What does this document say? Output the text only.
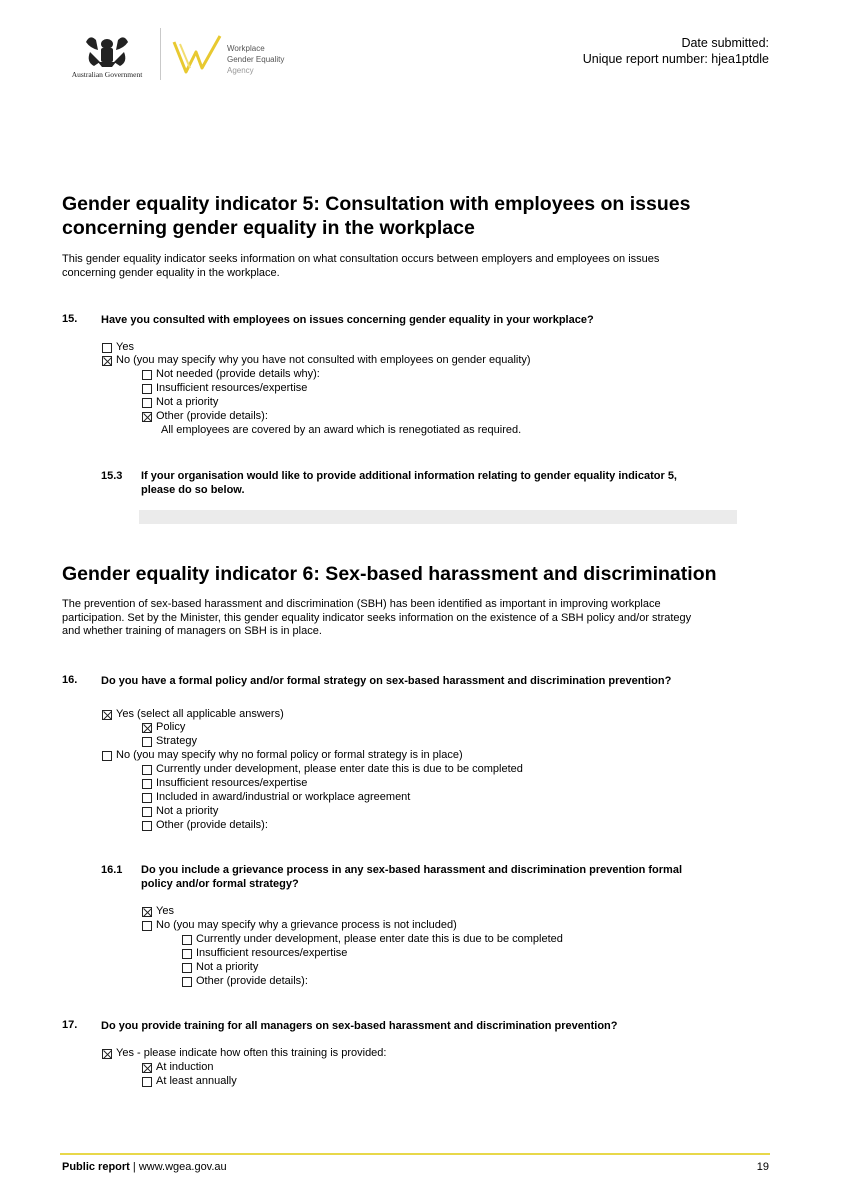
Australian Government
Workplace
Gender Equality
Agency
Date submitted:
Unique report number: hjea1ptdle
Gender equality indicator 5: Consultation with employees on issues
concerning gender equality in the workplace
This gender equality indicator seeks information on what consultation occurs between employers and employees on issues
concerning gender equality in the workplace.
15. Have you consulted with employees on issues concerning gender equality in your workplace?
Yes
No (you may specify why you have not consulted with employees on gender equality)
Not needed (provide details why):
Insufficient resources/expertise
Not a priority
Other (provide details):
All employees are covered by an award which is renegotiated as required.
15.3 If your organisation would like to provide additional information relating to gender equality indicator 5,
please do so below.
Gender equality indicator 6: Sex-based harassment and discrimination
The prevention of sex-based harassment and discrimination (SBH) has been identified as important in improving workplace
participation. Set by the Minister, this gender equality indicator seeks information on the existence of a SBH policy and/or strategy
and whether training of managers on SBH is in place.
16. Do you have a formal policy and/or formal strategy on sex-based harassment and discrimination prevention?
Yes (select all applicable answers)
Policy
Strategy
No (you may specify why no formal policy or formal strategy is in place)
Currently under development, please enter date this is due to be completed
Insufficient resources/expertise
Included in award/industrial or workplace agreement
Not a priority
Other (provide details):
16.1 Do you include a grievance process in any sex-based harassment and discrimination prevention formal
policy and/or formal strategy?
Yes
No (you may specify why a grievance process is not included)
Currently under development, please enter date this is due to be completed
Insufficient resources/expertise
Not a priority
Other (provide details):
17. Do you provide training for all managers on sex-based harassment and discrimination prevention?
Yes - please indicate how often this training is provided:
At induction
At least annually
Public report | www.wgea.gov.au	19
